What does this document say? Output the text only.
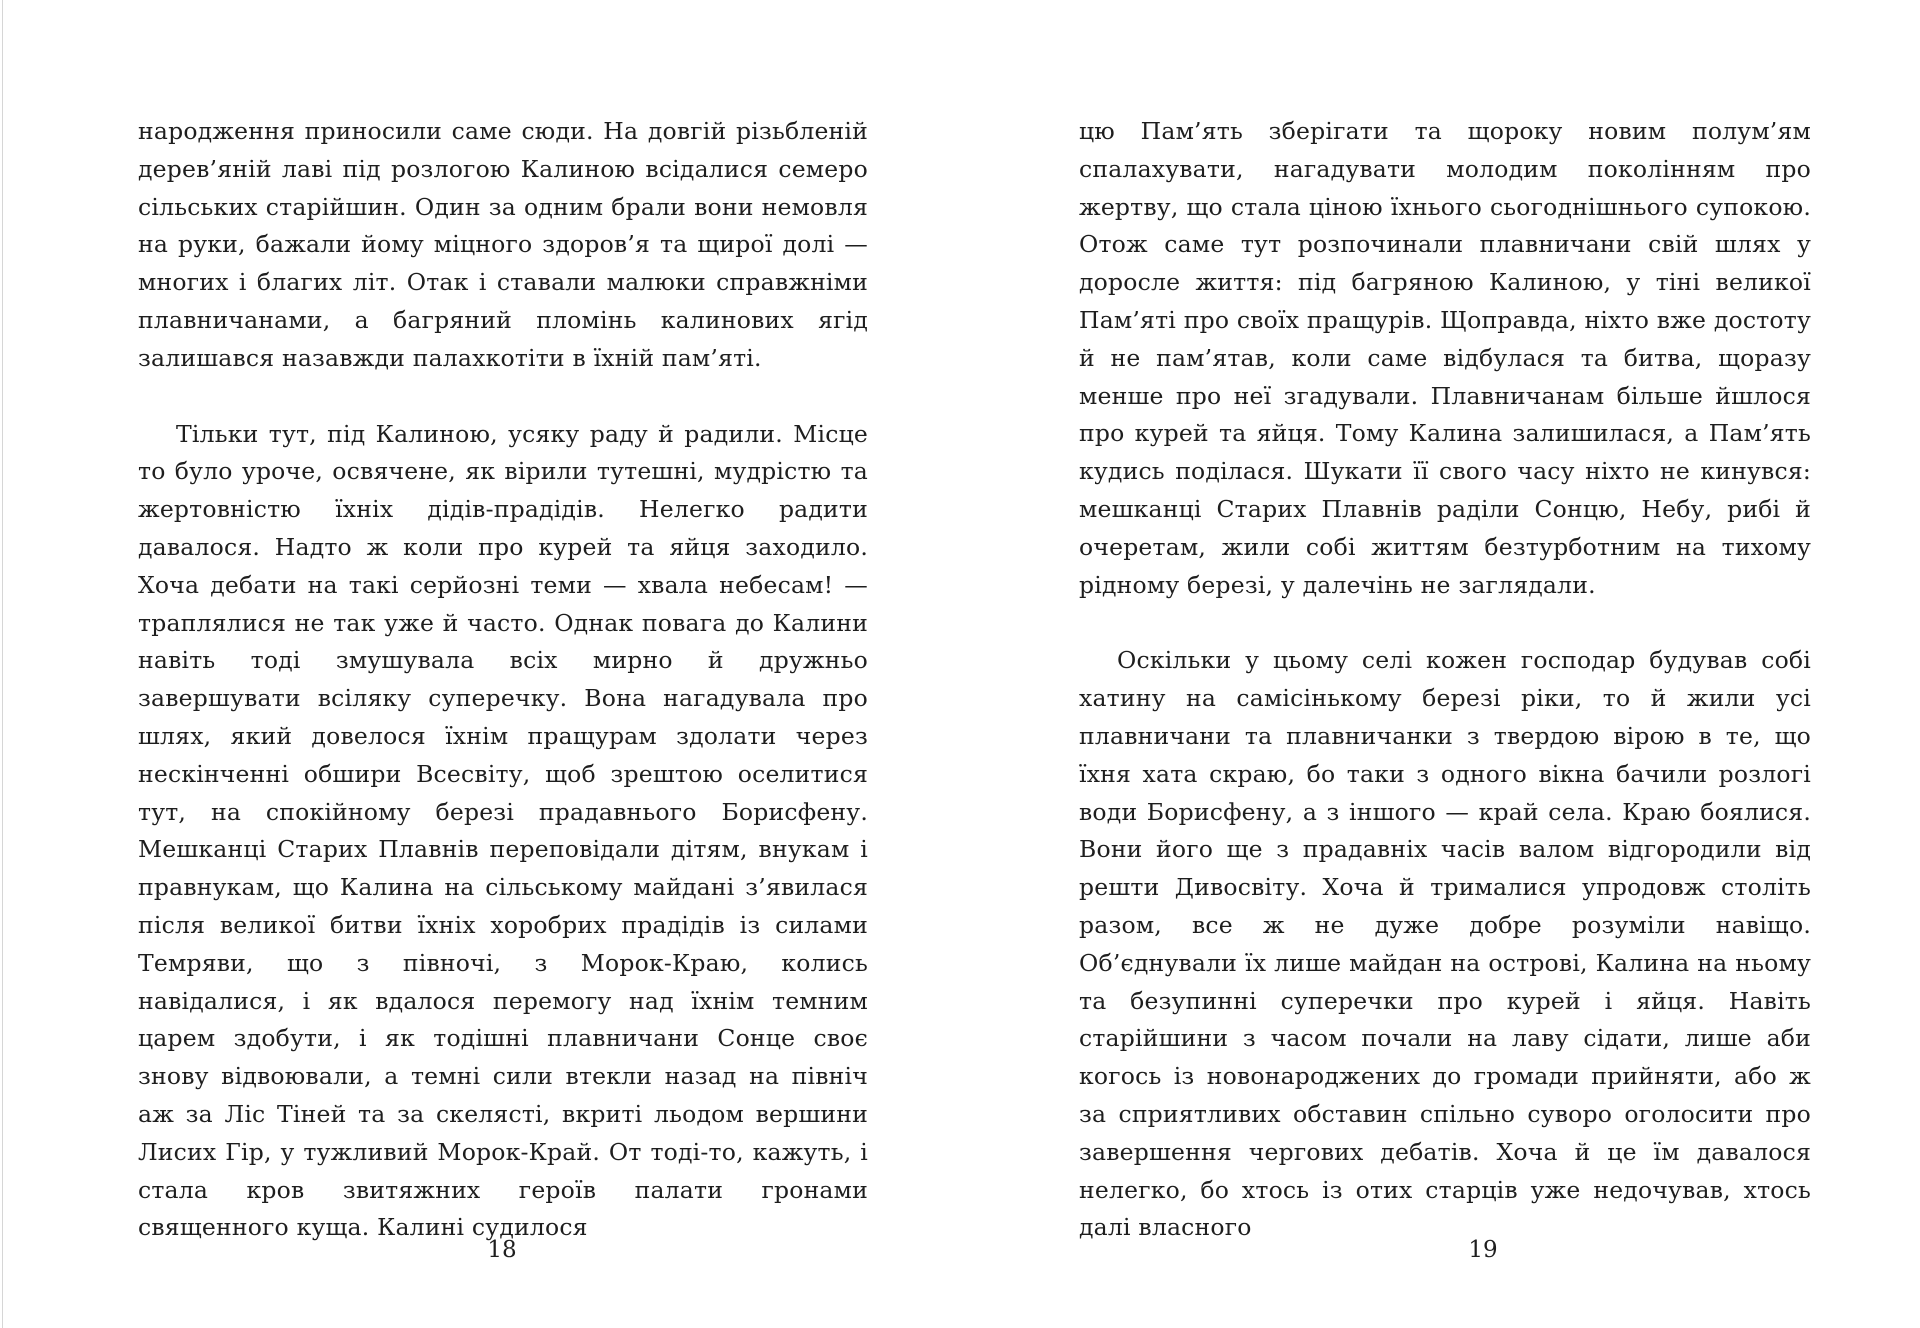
народження приносили саме сюди. На довгій різьбленій дерев’яній лаві під розлогою Калиною всідалися семеро сільських старійшин. Один за одним брали вони немовля на руки, бажали йому міцного здоров’я та щирої долі — многих і благих літ. Отак і ставали малюки справжніми плавничанами, а багряний пломінь калинових ягід залишався назавжди палахкотіти в їхній пам’яті.

Тільки тут, під Калиною, усяку раду й радили. Місце то було уроче, освячене, як вірили тутешні, мудрістю та жертовністю їхніх дідів-прадідів. Нелегко радити давалося. Надто ж коли про курей та яйця заходило. Хоча дебати на такі серйозні теми — хвала небесам! — траплялися не так уже й часто. Однак повага до Калини навіть тоді змушувала всіх мирно й дружньо завершувати всіляку суперечку. Вона нагадувала про шлях, який довелося їхнім пращурам здолати через нескінченні обшири Всесвіту, щоб зрештою оселитися тут, на спокійному березі прадавнього Борисфену. Мешканці Старих Плавнів переповідали дітям, внукам і правнукам, що Калина на сільському майдані з’явилася після великої битви їхніх хоробрих прадідів із силами Темряви, що з півночі, з Морок-Краю, колись навідалися, і як вдалося перемогу над їхнім темним царем здобути, і як тодішні плавничани Сонце своє знову відвоювали, а темні сили втекли назад на північ аж за Ліс Тіней та за скелясті, вкриті льодом вершини Лисих Гір, у тужливий Морок-Край. От тоді-то, кажуть, і стала кров звитяжних героїв палати гронами священного куща. Калині судилося

18

цю Пам’ять зберігати та щороку новим полум’ям спалахувати, нагадувати молодим поколінням про жертву, що стала ціною їхнього сьогоднішнього супокою. Отож саме тут розпочинали плавничани свій шлях у доросле життя: під багряною Калиною, у тіні великої Пам’яті про своїх пращурів. Щоправда, ніхто вже достоту й не пам’ятав, коли саме відбулася та битва, щоразу менше про неї згадували. Плавничанам більше йшлося про курей та яйця. Тому Калина залишилася, а Пам’ять кудись поділася. Шукати її свого часу ніхто не кинувся: мешканці Старих Плавнів раділи Сонцю, Небу, рибі й очеретам, жили собі життям безтурботним на тихому рідному березі, у далечінь не заглядали.

Оскільки у цьому селі кожен господар будував собі хатину на самісінькому березі ріки, то й жили усі плавничани та плавничанки з твердою вірою в те, що їхня хата скраю, бо таки з одного вікна бачили розлогі води Борисфену, а з іншого — край села. Краю боялися. Вони його ще з прадавніх часів валом відгородили від решти Дивосвіту. Хоча й трималися упродовж століть разом, все ж не дуже добре розуміли навіщо. Об’єднували їх лише майдан на острові, Калина на ньому та безупинні суперечки про курей і яйця. Навіть старійшини з часом почали на лаву сідати, лише аби когось із новонароджених до громади прийняти, або ж за сприятливих обставин спільно суворо оголосити про завершення чергових дебатів. Хоча й це їм давалося нелегко, бо хтось із отих старців уже недочував, хтось далі власного

19
